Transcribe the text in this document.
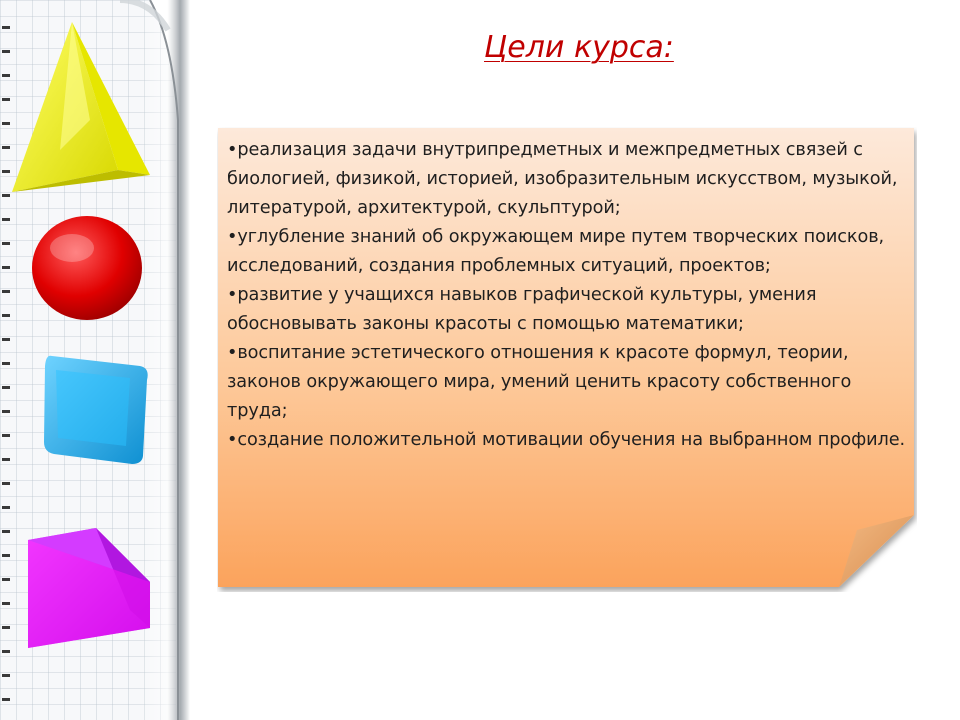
Цели курса:

•реализация задачи внутрипредметных и межпредметных связей с биологией, физикой, историей, изобразительным искусством, музыкой, литературой, архитектурой, скульптурой;

•углубление знаний об окружающем мире путем творческих поисков, исследований, создания проблемных ситуаций, проектов;

•развитие у учащихся навыков графической культуры, умения обосновывать законы красоты с помощью математики;

•воспитание эстетического отношения к красоте формул, теории, законов окружающего мира, умений ценить красоту собственного труда;

•создание положительной мотивации обучения на выбранном профиле.
